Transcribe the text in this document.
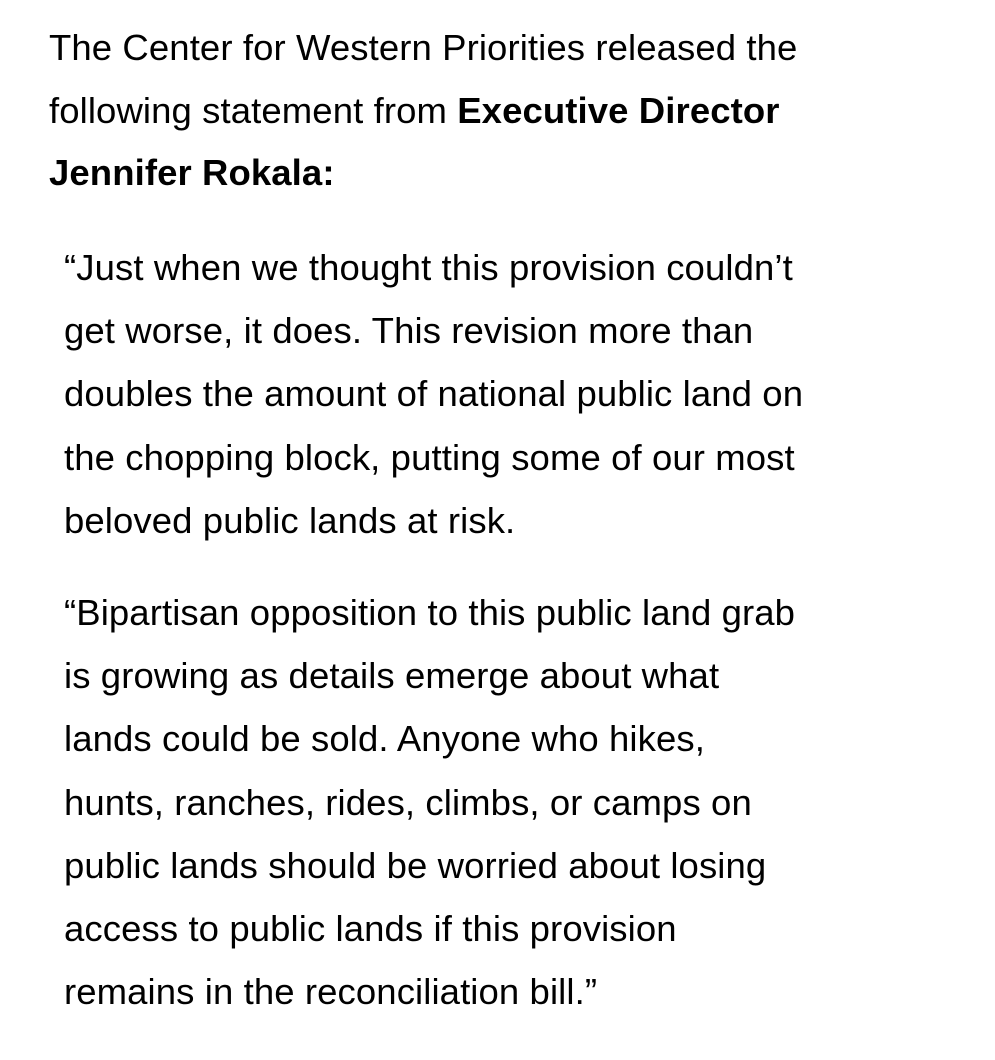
The Center for Western Priorities released the
following statement from Executive Director
Jennifer Rokala:

“Just when we thought this provision couldn’t
get worse, it does. This revision more than
doubles the amount of national public land on
the chopping block, putting some of our most
beloved public lands at risk.

“Bipartisan opposition to this public land grab
is growing as details emerge about what
lands could be sold. Anyone who hikes,
hunts, ranches, rides, climbs, or camps on
public lands should be worried about losing
access to public lands if this provision
remains in the reconciliation bill.”
